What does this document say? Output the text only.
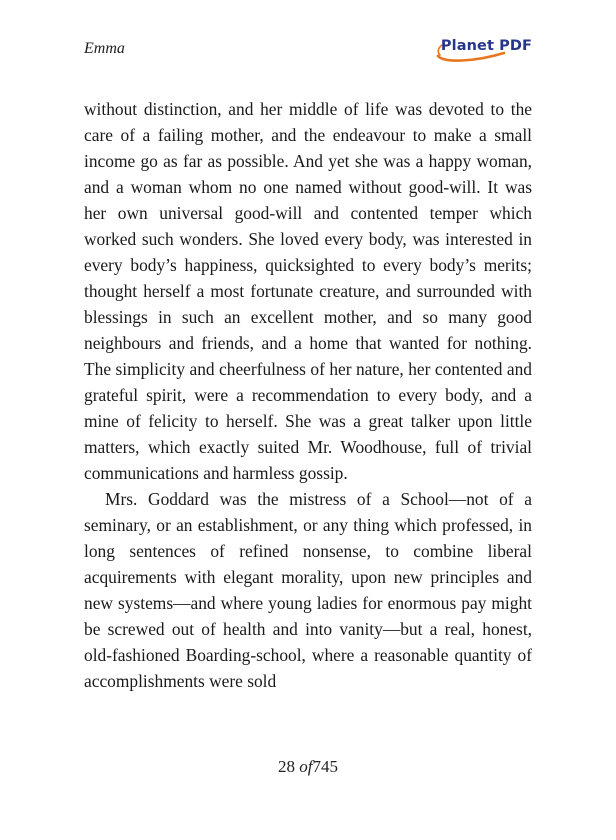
Emma	Planet PDF

without distinction, and her middle of life was devoted to the care of a failing mother, and the endeavour to make a small income go as far as possible. And yet she was a happy woman, and a woman whom no one named without good-will. It was her own universal good-will and contented temper which worked such wonders. She loved every body, was interested in every body’s happiness, quicksighted to every body’s merits; thought herself a most fortunate creature, and surrounded with blessings in such an excellent mother, and so many good neighbours and friends, and a home that wanted for nothing. The simplicity and cheerfulness of her nature, her contented and grateful spirit, were a recommendation to every body, and a mine of felicity to herself. She was a great talker upon little matters, which exactly suited Mr. Woodhouse, full of trivial communications and harmless gossip.

Mrs. Goddard was the mistress of a School—not of a seminary, or an establishment, or any thing which professed, in long sentences of refined nonsense, to combine liberal acquirements with elegant morality, upon new principles and new systems—and where young ladies for enormous pay might be screwed out of health and into vanity—but a real, honest, old-fashioned Boarding-school, where a reasonable quantity of accomplishments were sold

28 of745
